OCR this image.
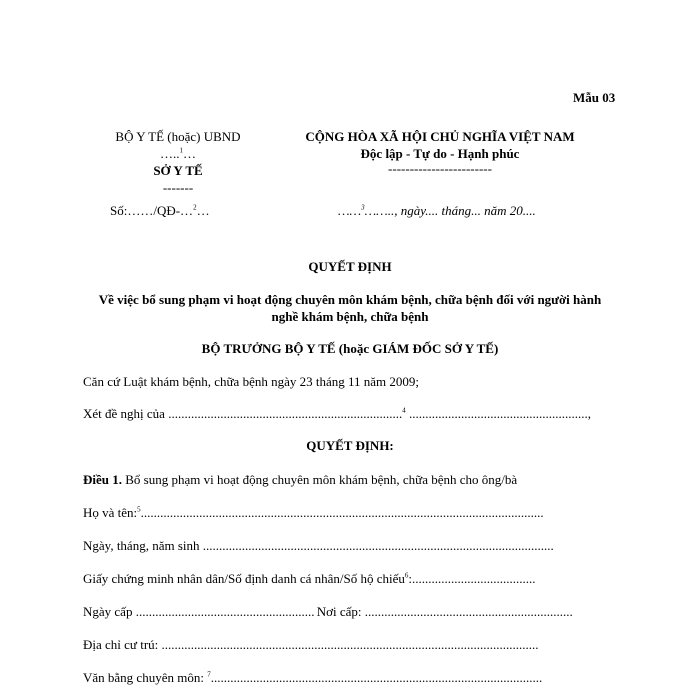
Mẫu 03
BỘ Y TẾ (hoặc) UBND
…..$^1$…
SỞ Y TẾ
-------
Số:……/QĐ-…$^2$…
CỘNG HÒA XÃ HỘI CHỦ NGHĨA VIỆT NAM
Độc lập - Tự do - Hạnh phúc
------------------------
……$^3$…….., ngày.... tháng... năm 20....
QUYẾT ĐỊNH
Về việc bổ sung phạm vi hoạt động chuyên môn khám bệnh, chữa bệnh đối với người hành
nghề khám bệnh, chữa bệnh
BỘ TRƯỞNG BỘ Y TẾ (hoặc GIÁM ĐỐC SỞ Y TẾ)
Căn cứ Luật khám bệnh, chữa bệnh ngày 23 tháng 11 năm 2009;
Xét đề nghị của ........................................................................$^4$ .......................................................,
QUYẾT ĐỊNH:
Điều 1. Bổ sung phạm vi hoạt động chuyên môn khám bệnh, chữa bệnh cho ông/bà
Họ và tên:$^5$............................................................................................................................
Ngày, tháng, năm sinh ............................................................................................................
Giấy chứng minh nhân dân/Số định danh cá nhân/Số hộ chiếu$^6$:......................................
Ngày cấp .......................................................Nơi cấp: ................................................................
Địa chỉ cư trú: ....................................................................................................................
Văn bằng chuyên môn: $^7$......................................................................................................
